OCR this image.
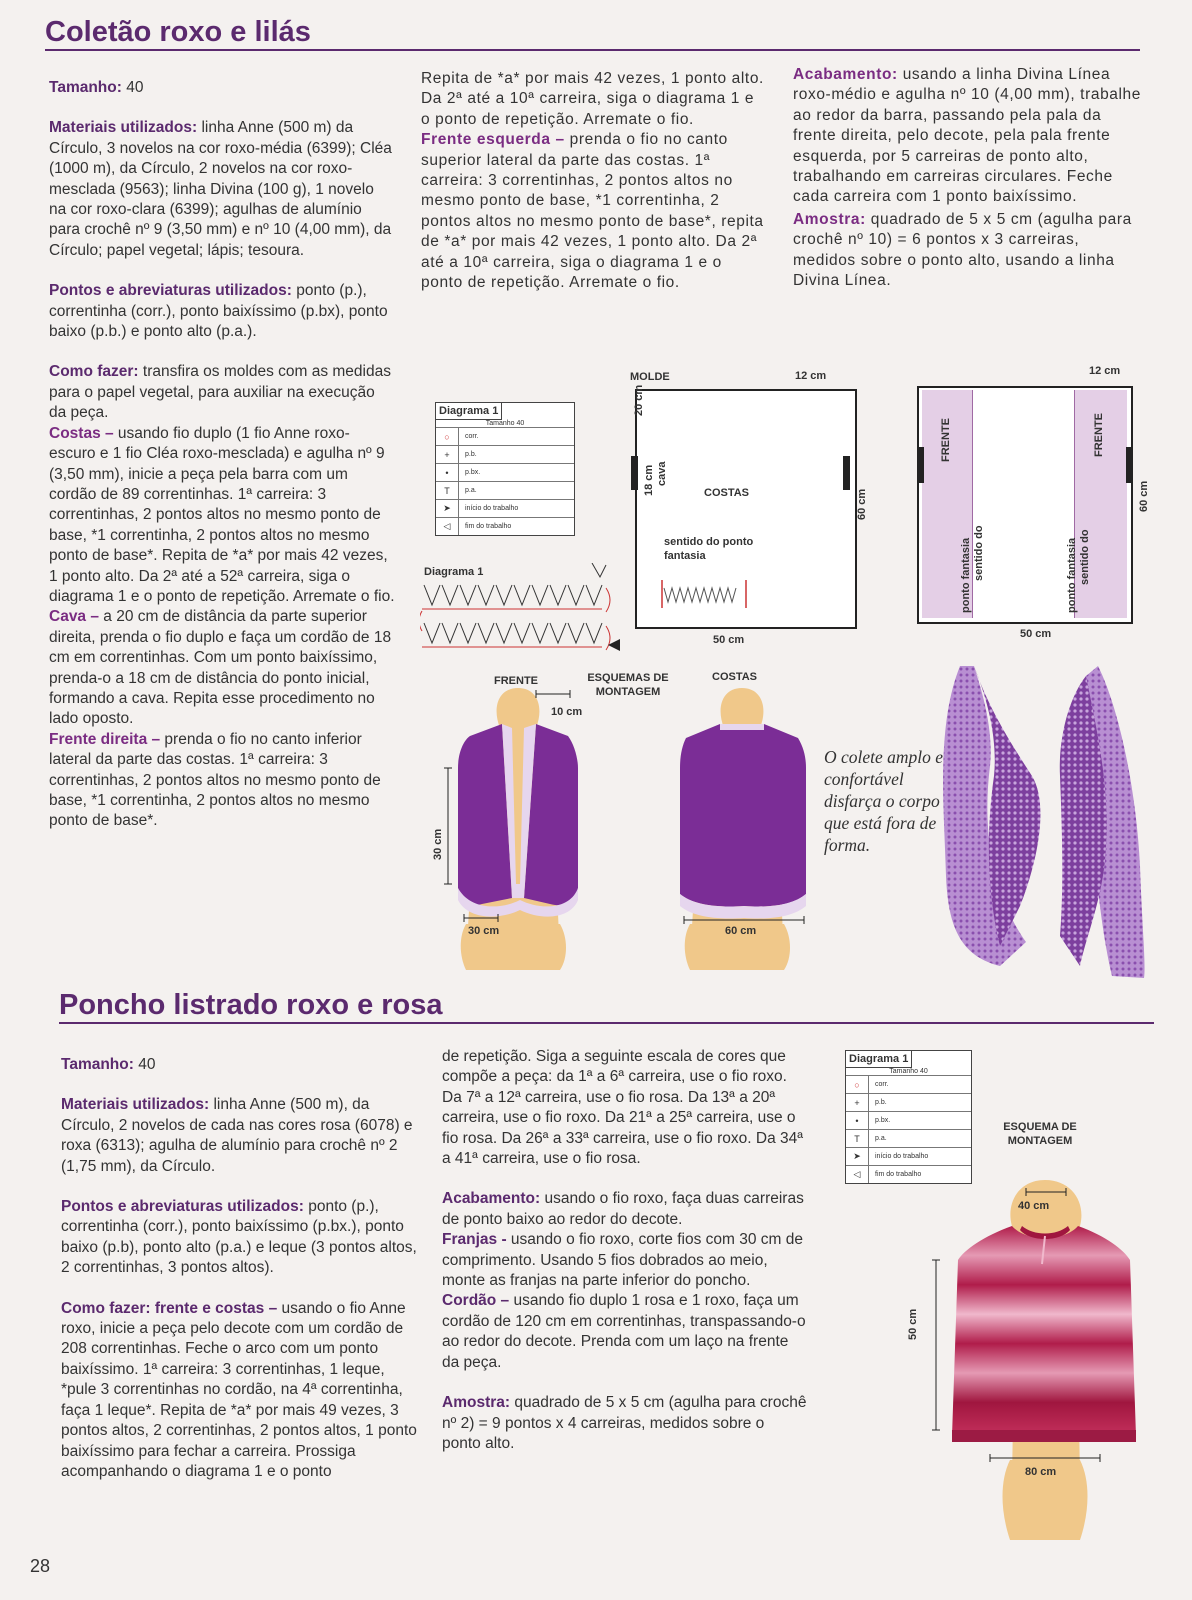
Coletão roxo e lilás

Tamanho: 40

Materiais utilizados: linha Anne (500 m) da Círculo, 3 novelos na cor roxo-média (6399); Cléa (1000 m), da Círculo, 2 novelos na cor roxo-mesclada (9563); linha Divina (100 g), 1 novelo na cor roxo-clara (6399); agulhas de alumínio para crochê nº 9 (3,50 mm) e nº 10 (4,00 mm), da Círculo; papel vegetal; lápis; tesoura.

Pontos e abreviaturas utilizados: ponto (p.), correntinha (corr.), ponto baixíssimo (p.bx), ponto baixo (p.b.) e ponto alto (p.a.).

Como fazer: transfira os moldes com as medidas para o papel vegetal, para auxiliar na execução da peça.

Costas – usando fio duplo (1 fio Anne roxo-escuro e 1 fio Cléa roxo-mesclada) e agulha nº 9 (3,50 mm), inicie a peça pela barra com um cordão de 89 correntinhas. 1ª carreira: 3 correntinhas, 2 pontos altos no mesmo ponto de base, *1 correntinha, 2 pontos altos no mesmo ponto de base*. Repita de *a* por mais 42 vezes, 1 ponto alto. Da 2ª até a 52ª carreira, siga o diagrama 1 e o ponto de repetição. Arremate o fio.

Cava – a 20 cm de distância da parte superior direita, prenda o fio duplo e faça um cordão de 18 cm em correntinhas. Com um ponto baixíssimo, prenda-o a 18 cm de distância do ponto inicial, formando a cava. Repita esse procedimento no lado oposto.

Frente direita – prenda o fio no canto inferior lateral da parte das costas. 1ª carreira: 3 correntinhas, 2 pontos altos no mesmo ponto de base, *1 correntinha, 2 pontos altos no mesmo ponto de base*.

Repita de *a* por mais 42 vezes, 1 ponto alto. Da 2ª até a 10ª carreira, siga o diagrama 1 e o ponto de repetição. Arremate o fio.

Frente esquerda – prenda o fio no canto superior lateral da parte das costas. 1ª carreira: 3 correntinhas, 2 pontos altos no mesmo ponto de base, *1 correntinha, 2 pontos altos no mesmo ponto de base*, repita de *a* por mais 42 vezes, 1 ponto alto. Da 2ª até a 10ª carreira, siga o diagrama 1 e o ponto de repetição. Arremate o fio.

Acabamento: usando a linha Divina Línea roxo-médio e agulha nº 10 (4,00 mm), trabalhe ao redor da barra, passando pela pala da frente direita, pelo decote, pela pala frente esquerda, por 5 carreiras de ponto alto, trabalhando em carreiras circulares. Feche cada carreira com 1 ponto baixíssimo.

Amostra: quadrado de 5 x 5 cm (agulha para crochê nº 10) = 6 pontos x 3 carreiras, medidos sobre o ponto alto, usando a linha Divina Línea.

Diagrama 1
Tamanho 40
○	corr.
+	p.b.
•	p.bx.
T	p.a.
➤	início do trabalho
◁	fim do trabalho
Diagrama 1
MOLDE	12 cm
20 cm
18 cm cava
COSTAS	60 cm
sentido do ponto fantasia
50 cm
12 cm
FRENTE	FRENTE
sentido do
ponto fantasia	sentido do
ponto fantasia
60 cm
50 cm
FRENTE	ESQUEMAS DE MONTAGEM
COSTAS
10 cm
30 cm
30 cm	60 cm
O colete amplo e confortável disfarça o corpo que está fora de forma.
Poncho listrado roxo e rosa

Tamanho: 40

Materiais utilizados: linha Anne (500 m), da Círculo, 2 novelos de cada nas cores rosa (6078) e roxa (6313); agulha de alumínio para crochê nº 2 (1,75 mm), da Círculo.

Pontos e abreviaturas utilizados: ponto (p.), correntinha (corr.), ponto baixíssimo (p.bx.), ponto baixo (p.b), ponto alto (p.a.) e leque (3 pontos altos, 2 correntinhas, 3 pontos altos).

Como fazer: frente e costas – usando o fio Anne roxo, inicie a peça pelo decote com um cordão de 208 correntinhas. Feche o arco com um ponto baixíssimo. 1ª carreira: 3 correntinhas, 1 leque, *pule 3 correntinhas no cordão, na 4ª correntinha, faça 1 leque*. Repita de *a* por mais 49 vezes, 3 pontos altos, 2 correntinhas, 2 pontos altos, 1 ponto baixíssimo para fechar a carreira. Prossiga acompanhando o diagrama 1 e o ponto

de repetição. Siga a seguinte escala de cores que compõe a peça: da 1ª a 6ª carreira, use o fio roxo. Da 7ª a 12ª carreira, use o fio rosa. Da 13ª a 20ª carreira, use o fio roxo. Da 21ª a 25ª carreira, use o fio rosa. Da 26ª a 33ª carreira, use o fio roxo. Da 34ª a 41ª carreira, use o fio rosa.

Acabamento: usando o fio roxo, faça duas carreiras de ponto baixo ao redor do decote.

Franjas - usando o fio roxo, corte fios com 30 cm de comprimento. Usando 5 fios dobrados ao meio, monte as franjas na parte inferior do poncho.

Cordão – usando fio duplo 1 rosa e 1 roxo, faça um cordão de 120 cm em correntinhas, transpassando-o ao redor do decote. Prenda com um laço na frente da peça.

Amostra: quadrado de 5 x 5 cm (agulha para crochê nº 2) = 9 pontos x 4 carreiras, medidos sobre o ponto alto.

Diagrama 1
Tamanho 40
○	corr.
+	p.b.
•	p.bx.
T	p.a.
➤	início do trabalho
◁	fim do trabalho
ESQUEMA DE MONTAGEM
40 cm
50 cm
80 cm
28
